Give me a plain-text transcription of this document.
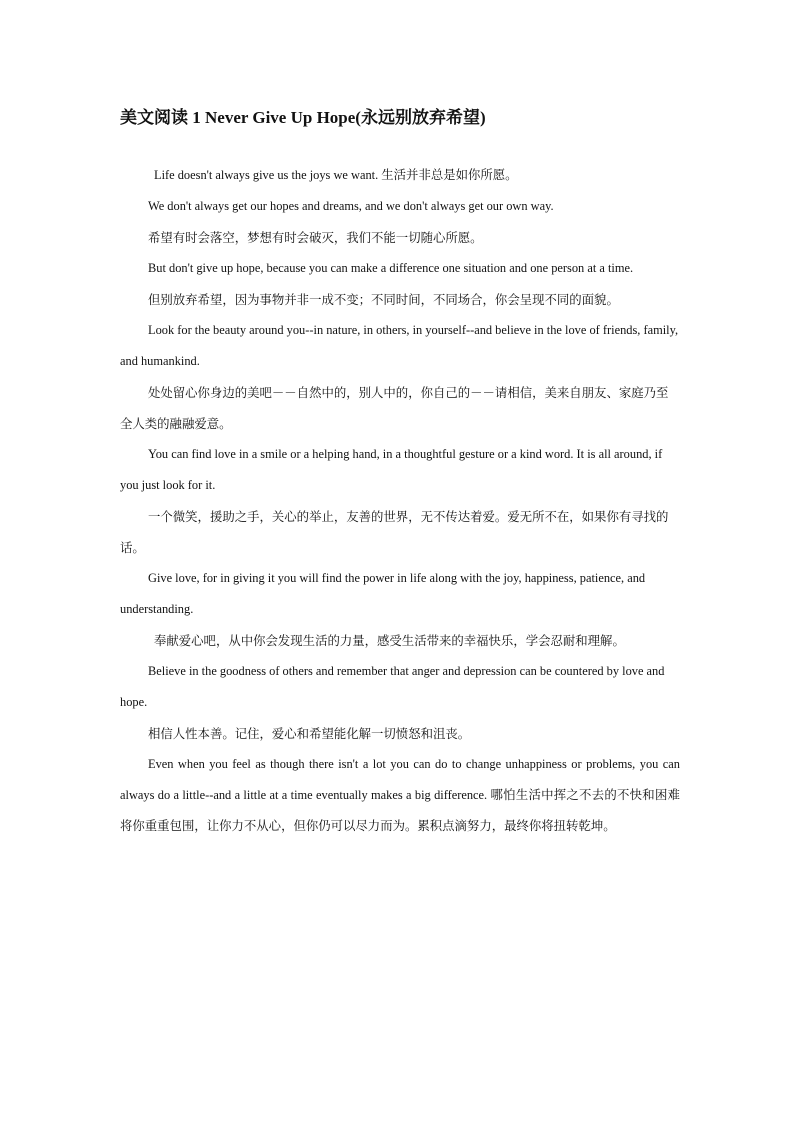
美文阅读 1 Never Give Up Hope(永远别放弃希望)

Life doesn't always give us the joys we want. 生活并非总是如你所愿。

We don't always get our hopes and dreams, and we don't always get our own way.

希望有时会落空，梦想有时会破灭，我们不能一切随心所愿。

But don't give up hope, because you can make a difference one situation and one person at a time.

但别放弃希望，因为事物并非一成不变；不同时间，不同场合，你会呈现不同的面貌。

Look for the beauty around you--in nature, in others, in yourself--and believe in the love of friends, family, and humankind.

处处留心你身边的美吧－－自然中的，别人中的，你自己的－－请相信，美来自朋友、家庭乃至全人类的融融爱意。

You can find love in a smile or a helping hand, in a thoughtful gesture or a kind word. It is all around, if you just look for it.

一个微笑，援助之手，关心的举止，友善的世界，无不传达着爱。爱无所不在，如果你有寻找的话。

Give love, for in giving it you will find the power in life along with the joy, happiness, patience, and understanding.

奉献爱心吧，从中你会发现生活的力量，感受生活带来的幸福快乐，学会忍耐和理解。

Believe in the goodness of others and remember that anger and depression can be countered by love and hope.

相信人性本善。记住，爱心和希望能化解一切愤怒和沮丧。

Even when you feel as though there isn't a lot you can do to change unhappiness or problems, you can always do a little--and a little at a time eventually makes a big difference. 哪怕生活中挥之不去的不快和困难将你重重包围，让你力不从心，但你仍可以尽力而为。累积点滴努力，最终你将扭转乾坤。
